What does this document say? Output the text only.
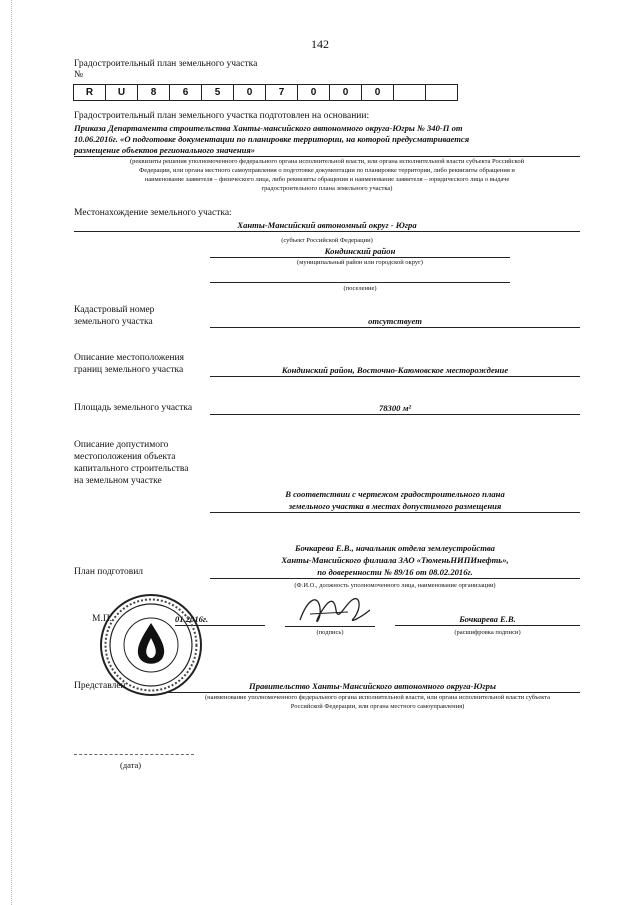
142
Градостроительный план земельного участка
№
R	U	8	6	5	0	7	0	0	0		
Градостроительный план земельного участка подготовлен на основании:
Приказа Департамента строительства Ханты-мансийского автономного округа-Югры № 340-П от
10.06.2016г. «О подготовке документации по планировке территории, на которой предусматривается
размещение объектов регионального значения»
(реквизиты решения уполномоченного федерального органа исполнительной власти, или органа исполнительной власти субъекта Российской
Федерации, или органа местного самоуправления о подготовке документации по планировке территории, либо реквизиты обращения и
наименование заявителя – физического лица, либо реквизиты обращения и наименование заявителя – юридического лица о выдаче
градостроительного плана земельного участка)
Местонахождение земельного участка:
Ханты-Мансийский автономный округ - Югра
(субъект Российской Федерации)
Кондинский район
(муниципальный район или городской округ)
(поселение)
Кадастровый номер
земельного участка	отсутствует
Описание местоположения
границ земельного участка	Кондинский район, Восточно-Каюмовское месторождение
Площадь земельного участка	78300 м²
Описание допустимого
местоположения объекта
капитального строительства
на земельном участке
В соответствии с чертежом градостроительного плана
земельного участка в местах допустимого размещения
Бочкарева Е.В., начальник отдела землеустройства
Ханты-Мансийского филиала ЗАО «ТюменьНИПИнефть»,
План подготовил	по доверенности № 89/16 от 08.02.2016г.
(Ф.И.О., должность уполномоченного лица, наименование организации)
М.П.	01.2016г.
(подпись)
Бочкарева Е.В.
(расшифровка подписи)
Представлен	Правительство Ханты-Мансийского автономного округа-Югры
(наименование уполномоченного федерального органа исполнительной власти, или органа исполнительной власти субъекта
Российской Федерации, или органа местного самоуправления)
(дата)
